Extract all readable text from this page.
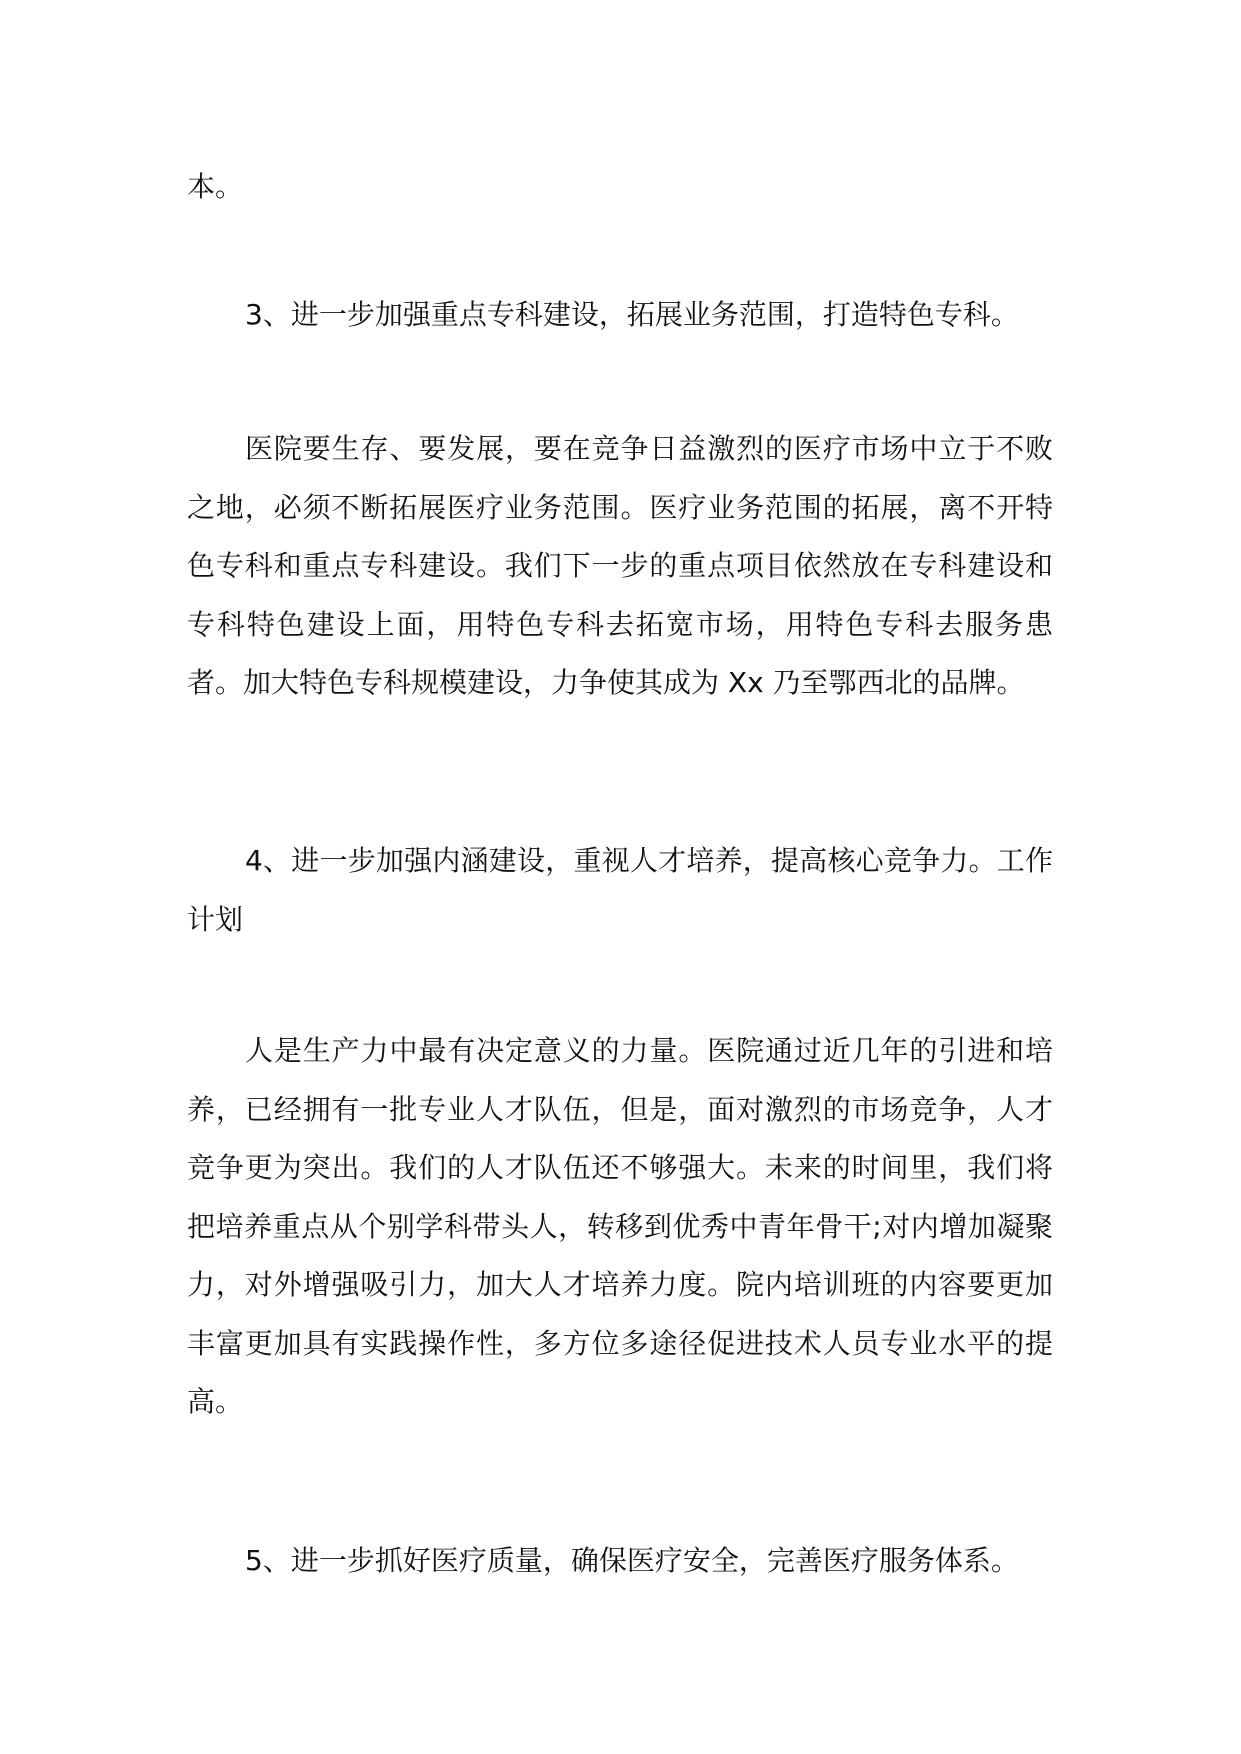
本。

3、进一步加强重点专科建设，拓展业务范围，打造特色专科。

医院要生存、要发展，要在竞争日益激烈的医疗市场中立于不败之地，必须不断拓展医疗业务范围。医疗业务范围的拓展，离不开特色专科和重点专科建设。我们下一步的重点项目依然放在专科建设和专科特色建设上面，用特色专科去拓宽市场，用特色专科去服务患者。加大特色专科规模建设，力争使其成为 Xx 乃至鄂西北的品牌。

4、进一步加强内涵建设，重视人才培养，提高核心竞争力。工作计划

人是生产力中最有决定意义的力量。医院通过近几年的引进和培养，已经拥有一批专业人才队伍，但是，面对激烈的市场竞争，人才竞争更为突出。我们的人才队伍还不够强大。未来的时间里，我们将把培养重点从个别学科带头人，转移到优秀中青年骨干;对内增加凝聚力，对外增强吸引力，加大人才培养力度。院内培训班的内容要更加丰富更加具有实践操作性，多方位多途径促进技术人员专业水平的提高。

5、进一步抓好医疗质量，确保医疗安全，完善医疗服务体系。
